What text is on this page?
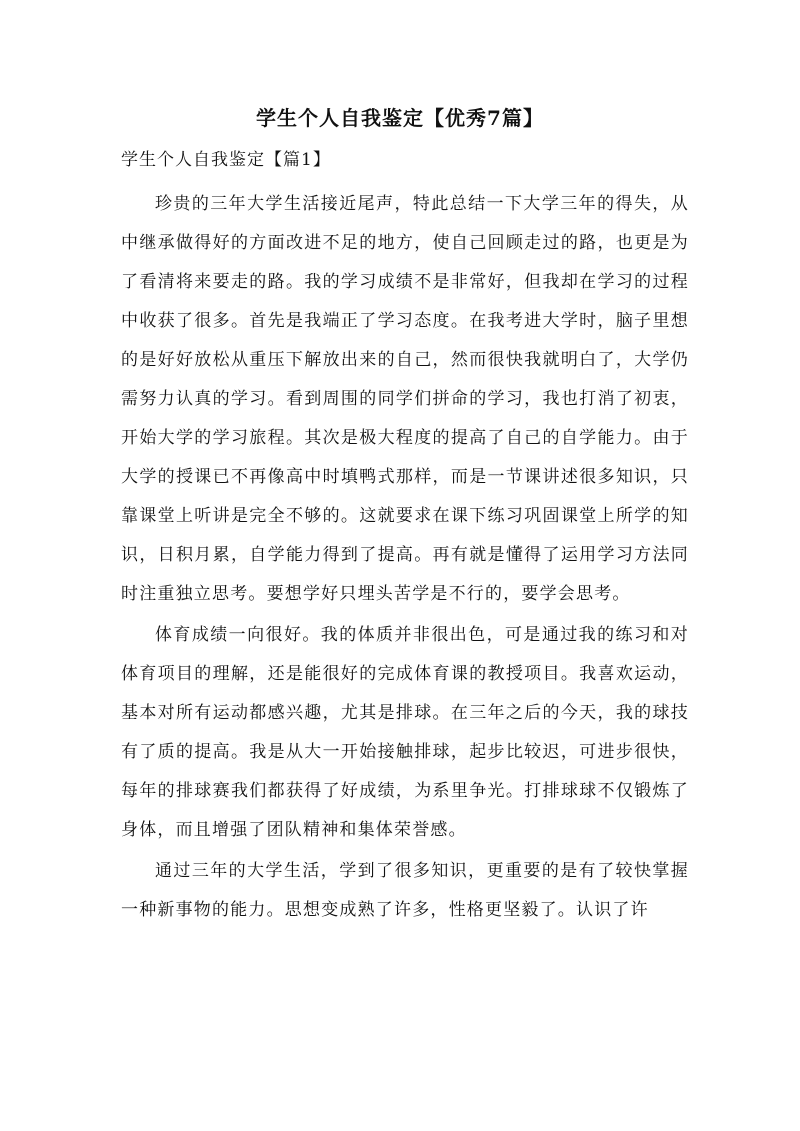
学生个人自我鉴定【优秀7篇】
学生个人自我鉴定【篇1】

珍贵的三年大学生活接近尾声，特此总结一下大学三年的得失，从中继承做得好的方面改进不足的地方，使自己回顾走过的路，也更是为了看清将来要走的路。我的学习成绩不是非常好，但我却在学习的过程中收获了很多。首先是我端正了学习态度。在我考进大学时，脑子里想的是好好放松从重压下解放出来的自己，然而很快我就明白了，大学仍需努力认真的学习。看到周围的同学们拼命的学习，我也打消了初衷，开始大学的学习旅程。其次是极大程度的提高了自己的自学能力。由于大学的授课已不再像高中时填鸭式那样，而是一节课讲述很多知识，只靠课堂上听讲是完全不够的。这就要求在课下练习巩固课堂上所学的知识，日积月累，自学能力得到了提高。再有就是懂得了运用学习方法同时注重独立思考。要想学好只埋头苦学是不行的，要学会思考。

体育成绩一向很好。我的体质并非很出色，可是通过我的练习和对体育项目的理解，还是能很好的完成体育课的教授项目。我喜欢运动，基本对所有运动都感兴趣，尤其是排球。在三年之后的今天，我的球技有了质的提高。我是从大一开始接触排球，起步比较迟，可进步很快，每年的排球赛我们都获得了好成绩，为系里争光。打排球球不仅锻炼了身体，而且增强了团队精神和集体荣誉感。

通过三年的大学生活，学到了很多知识，更重要的是有了较快掌握一种新事物的能力。思想变成熟了许多，性格更坚毅了。认识了许
